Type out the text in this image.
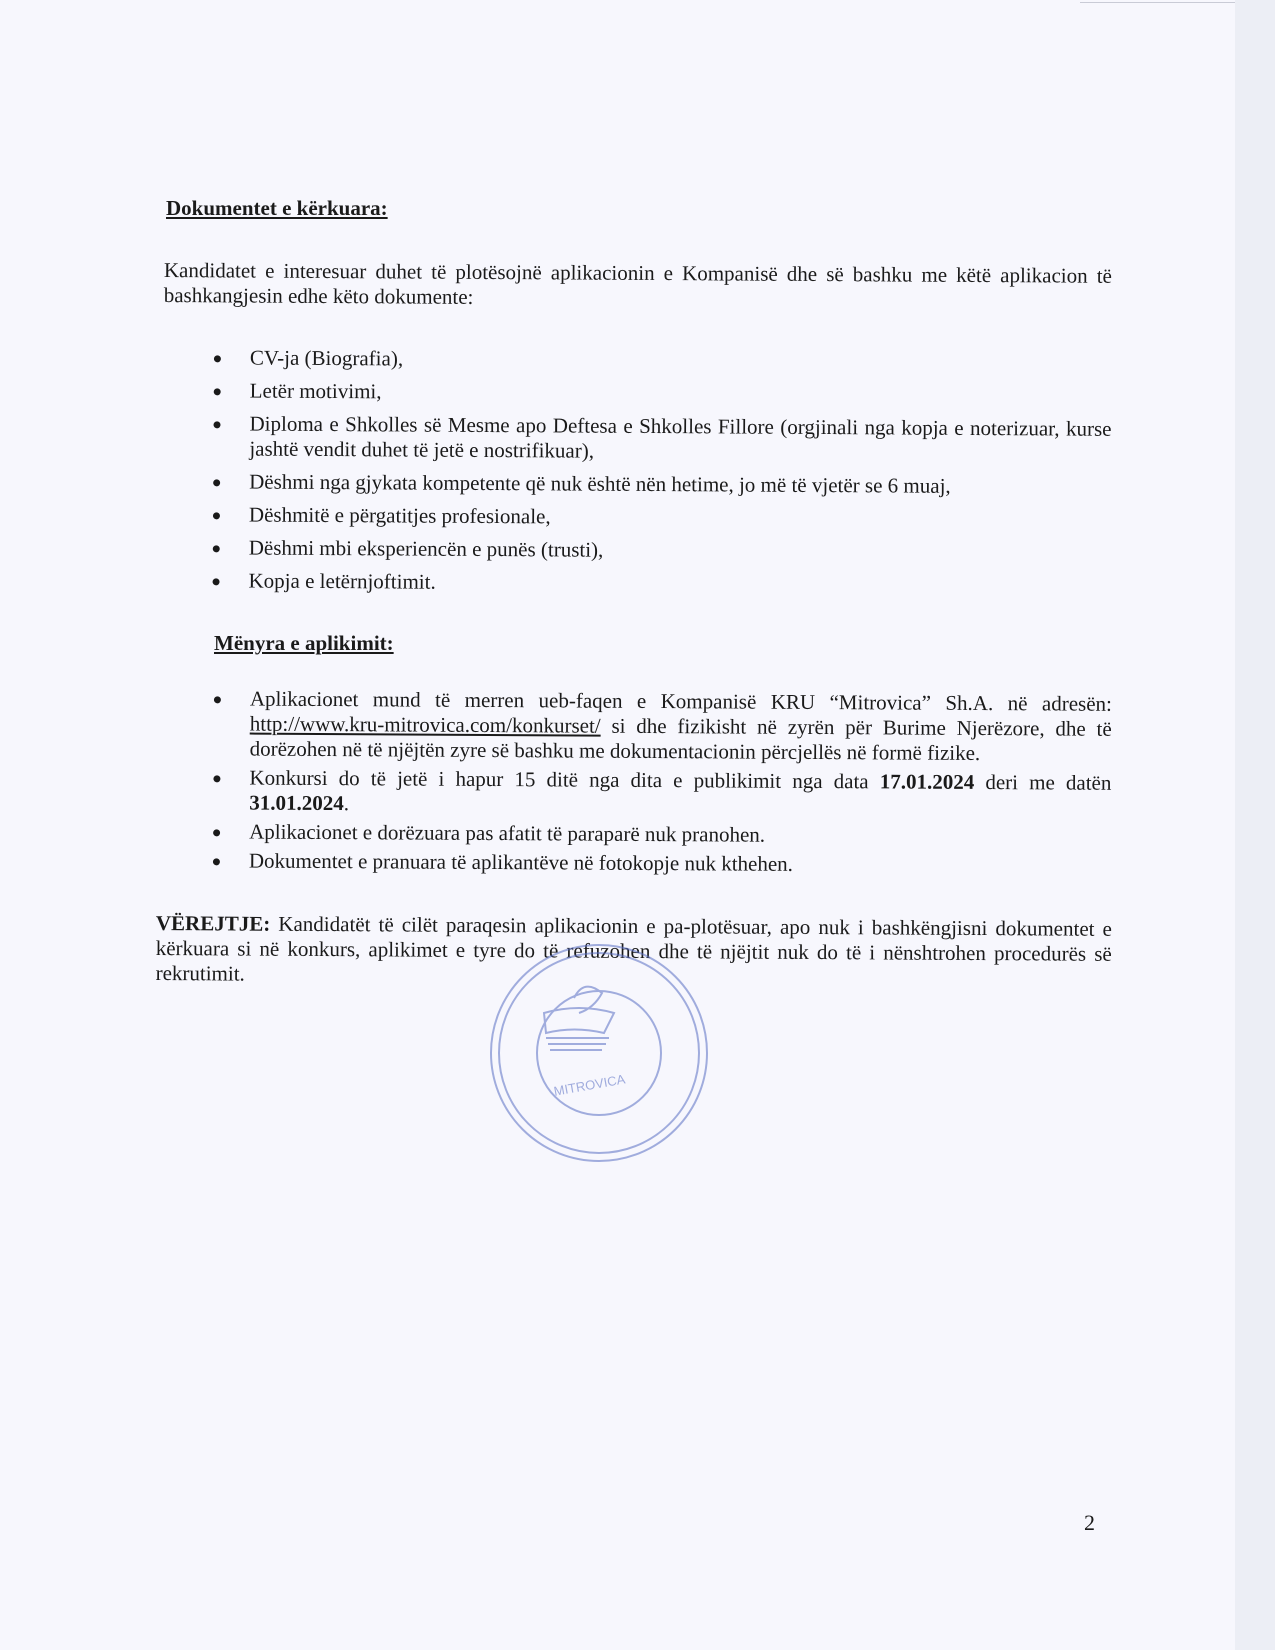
Dokumentet e kërkuara:

Kandidatet e interesuar duhet të plotësojnë aplikacionin e Kompanisë dhe së bashku me këtë aplikacion të bashkangjesin edhe këto dokumente:

CV-ja (Biografia),
Letër motivimi,
Diploma e Shkolles së Mesme apo Deftesa e Shkolles Fillore (orgjinali nga kopja e noterizuar, kurse jashtë vendit duhet të jetë e nostrifikuar),
Dëshmi nga gjykata kompetente që nuk është nën hetime, jo më të vjetër se 6 muaj,
Dëshmitë e përgatitjes profesionale,
Dëshmi mbi eksperiencën e punës (trusti),
Kopja e letërnjoftimit.
Mënyra e aplikimit:
Aplikacionet mund të merren ueb-faqen e Kompanisë KRU “Mitrovica” Sh.A. në adresën: http://www.kru-mitrovica.com/konkurset/ si dhe fizikisht në zyrën për Burime Njerëzore, dhe të dorëzohen në të njëjtën zyre së bashku me dokumentacionin përcjellës në formë fizike.
Konkursi do të jetë i hapur 15 ditë nga dita e publikimit nga data 17.01.2024 deri me datën 31.01.2024.
Aplikacionet e dorëzuara pas afatit të paraparë nuk pranohen.
Dokumentet e pranuara të aplikantëve në fotokopje nuk kthehen.

VËREJTJE: Kandidatët të cilët paraqesin aplikacionin e pa-plotësuar, apo nuk i bashkëngjisni dokumentet e kërkuara si në konkurs, aplikimet e tyre do të refuzohen dhe të njëjtit nuk do të i nënshtrohen procedurës së rekrutimit.

MITROVICA
2
